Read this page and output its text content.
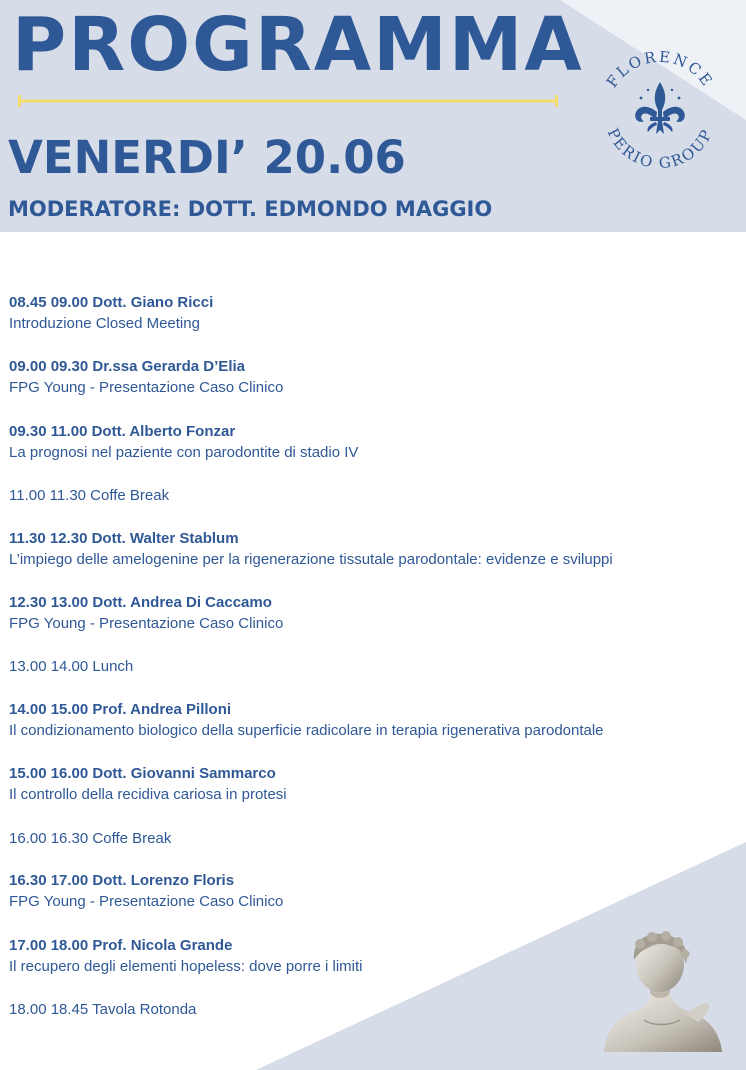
PROGRAMMA
VENERDI’ 20.06
MODERATORE: DOTT. EDMONDO MAGGIO
FLORENCE
PERIO GROUP
08.45 09.00 Dott. Giano Ricci
Introduzione Closed Meeting
09.00 09.30 Dr.ssa Gerarda D’Elia
FPG Young - Presentazione Caso Clinico
09.30 11.00 Dott. Alberto Fonzar
La prognosi nel paziente con parodontite di stadio IV
11.00 11.30 Coffe Break
11.30 12.30 Dott. Walter Stablum
L’impiego delle amelogenine per la rigenerazione tissutale parodontale: evidenze e sviluppi
12.30 13.00 Dott. Andrea Di Caccamo
FPG Young - Presentazione Caso Clinico
13.00 14.00 Lunch
14.00 15.00 Prof. Andrea Pilloni
Il condizionamento biologico della superficie radicolare in terapia rigenerativa parodontale
15.00 16.00 Dott. Giovanni Sammarco
Il controllo della recidiva cariosa in protesi
16.00 16.30 Coffe Break
16.30 17.00 Dott. Lorenzo Floris
FPG Young - Presentazione Caso Clinico
17.00 18.00 Prof. Nicola Grande
Il recupero degli elementi hopeless: dove porre i limiti
18.00 18.45 Tavola Rotonda
